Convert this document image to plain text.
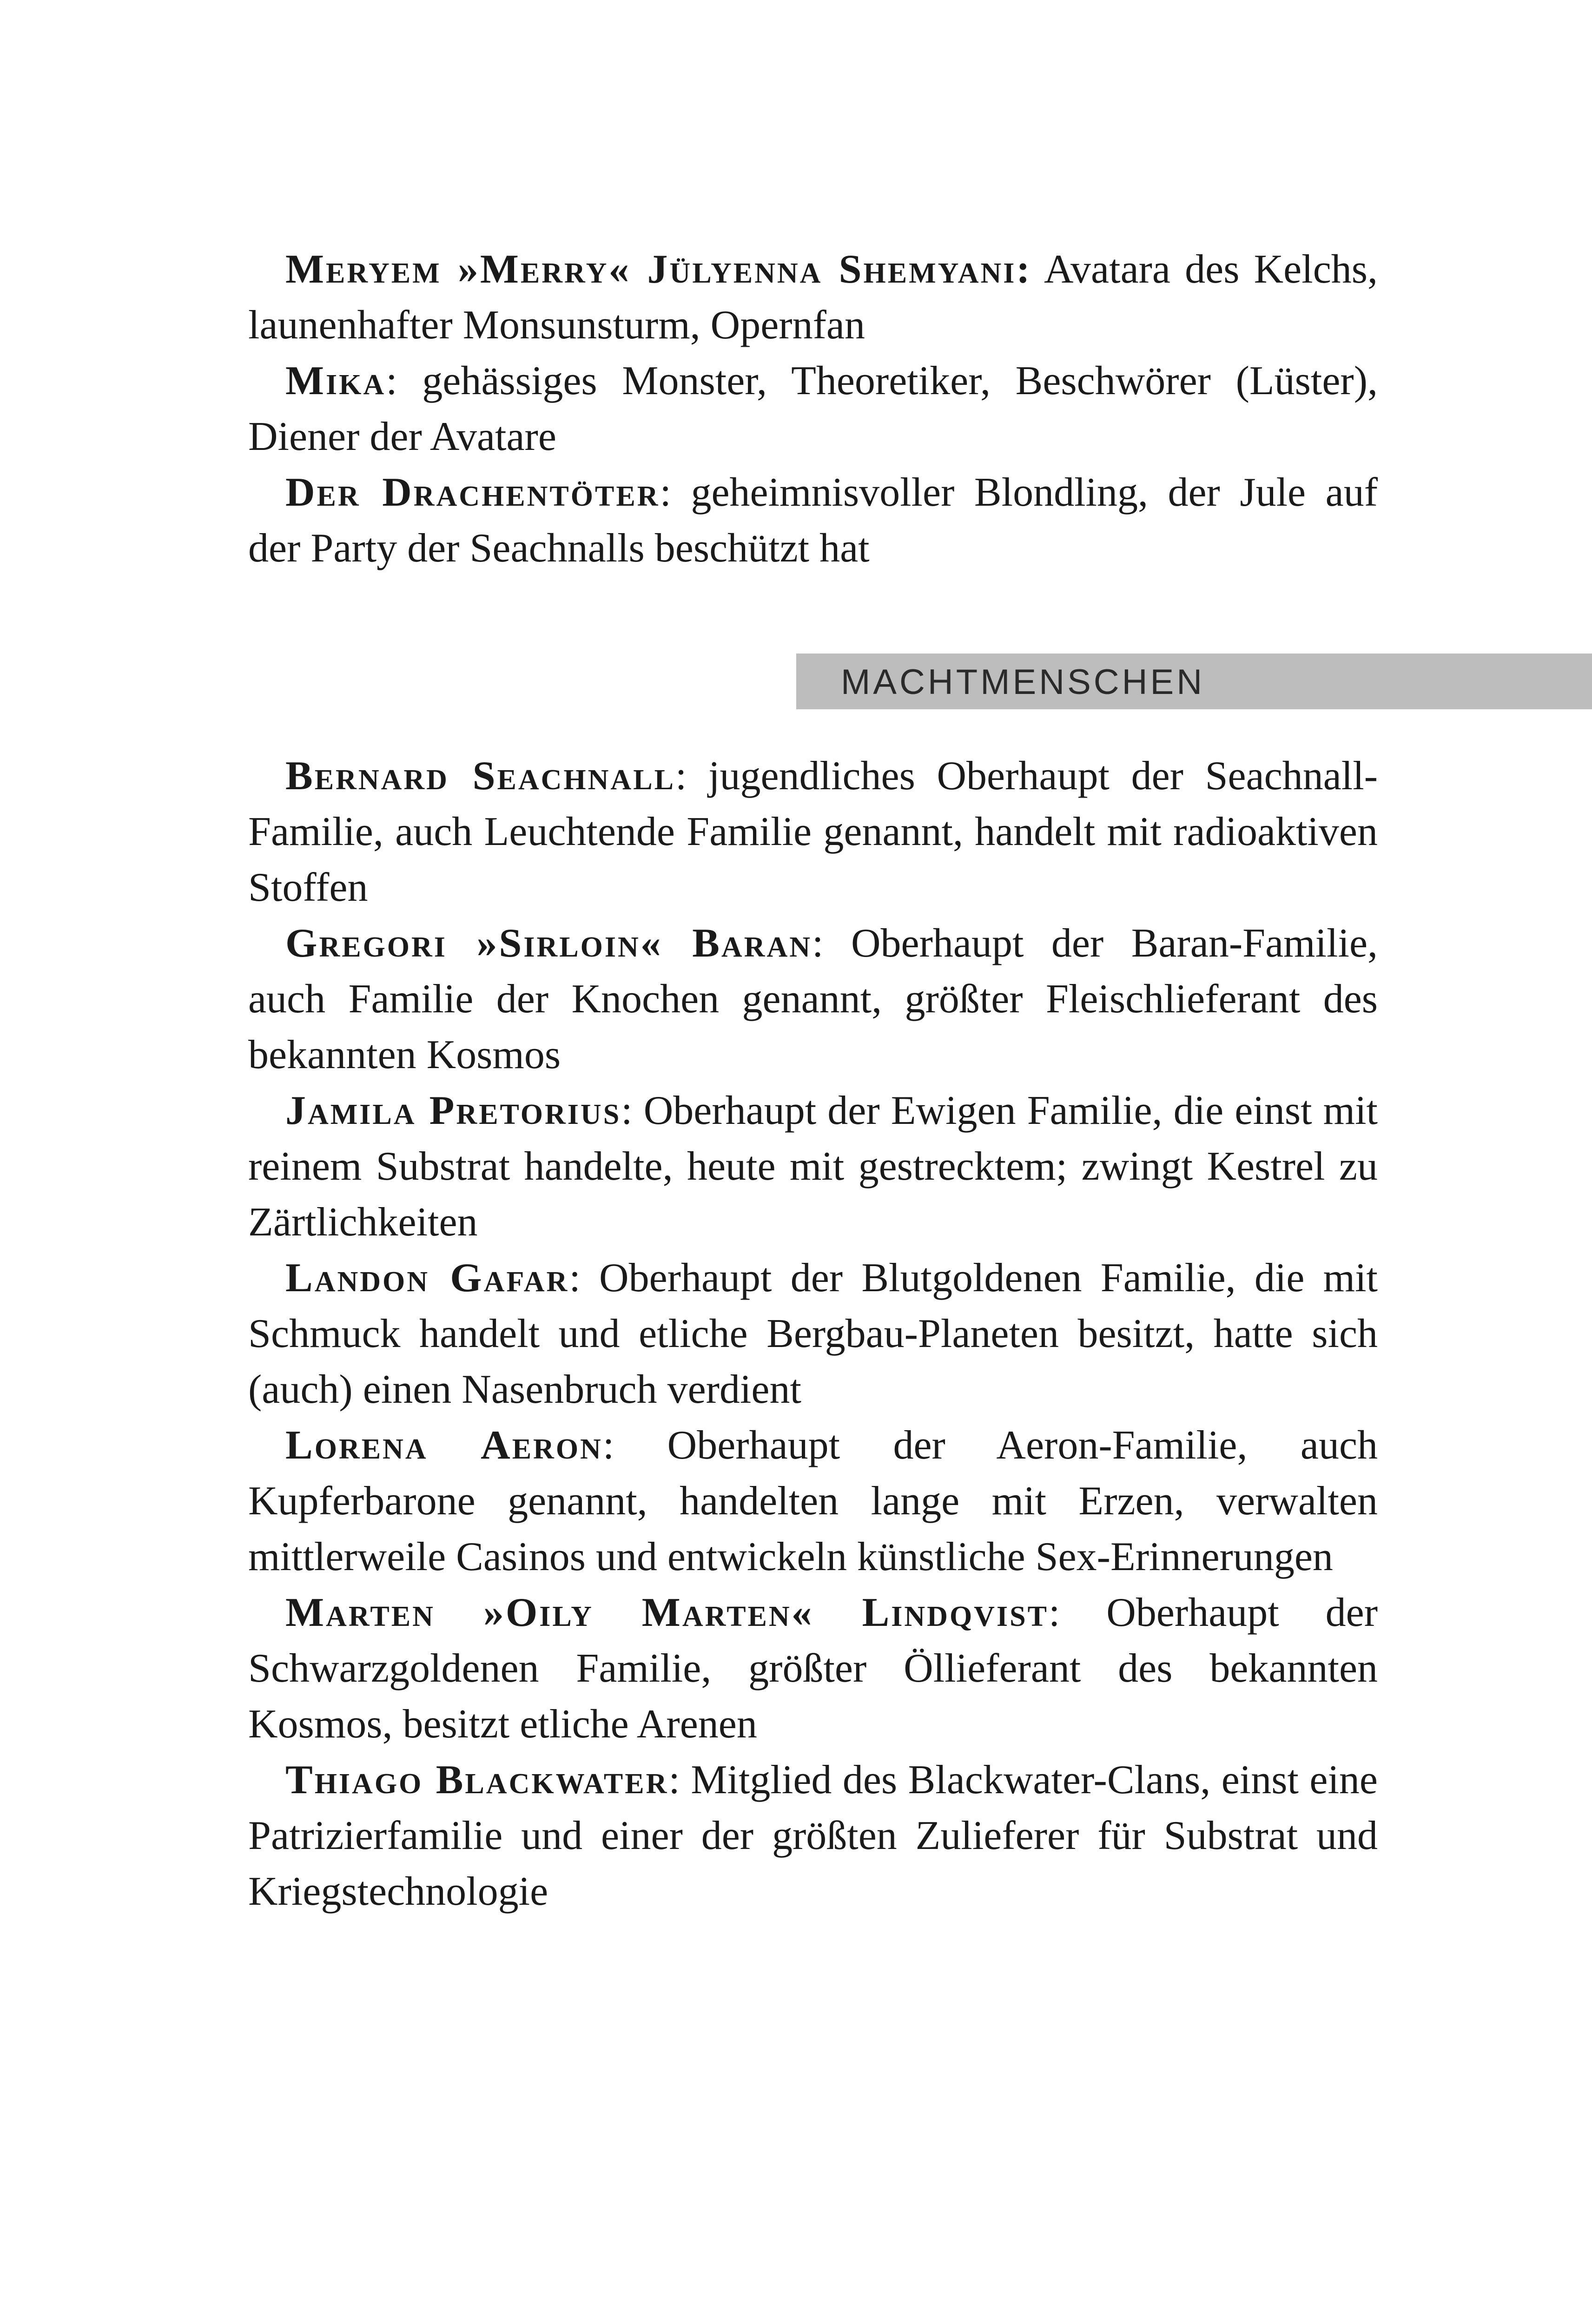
Meryem »Merry« Jülyenna Shemyani: Avatara des Kelchs, launenhafter Monsunsturm, Opernfan

Mika: gehässiges Monster, Theoretiker, Beschwörer (Lüster), Diener der Avatare

Der Drachentöter: geheimnisvoller Blondling, der Jule auf der Party der Seachnalls beschützt hat

MACHTMENSCHEN

Bernard Seachnall: jugendliches Oberhaupt der Seachnall-Familie, auch Leuchtende Familie genannt, handelt mit radioaktiven Stoffen

Gregori »Sirloin« Baran: Oberhaupt der Baran-Familie, auch Familie der Knochen genannt, größter Fleischlieferant des bekannten Kosmos

Jamila Pretorius: Oberhaupt der Ewigen Familie, die einst mit reinem Substrat handelte, heute mit gestrecktem; zwingt Kestrel zu Zärtlichkeiten

Landon Gafar: Oberhaupt der Blutgoldenen Familie, die mit Schmuck handelt und etliche Bergbau-Planeten besitzt, hatte sich (auch) einen Nasenbruch verdient

Lorena Aeron: Oberhaupt der Aeron-Familie, auch Kupferbarone genannt, handelten lange mit Erzen, verwalten mittlerweile Casinos und entwickeln künstliche Sex-Erinnerungen

Marten »Oily Marten« Lindqvist: Oberhaupt der Schwarzgoldenen Familie, größter Öllieferant des bekannten Kosmos, besitzt etliche Arenen

Thiago Blackwater: Mitglied des Blackwater-Clans, einst eine Patrizierfamilie und einer der größten Zulieferer für Substrat und Kriegstechnologie
